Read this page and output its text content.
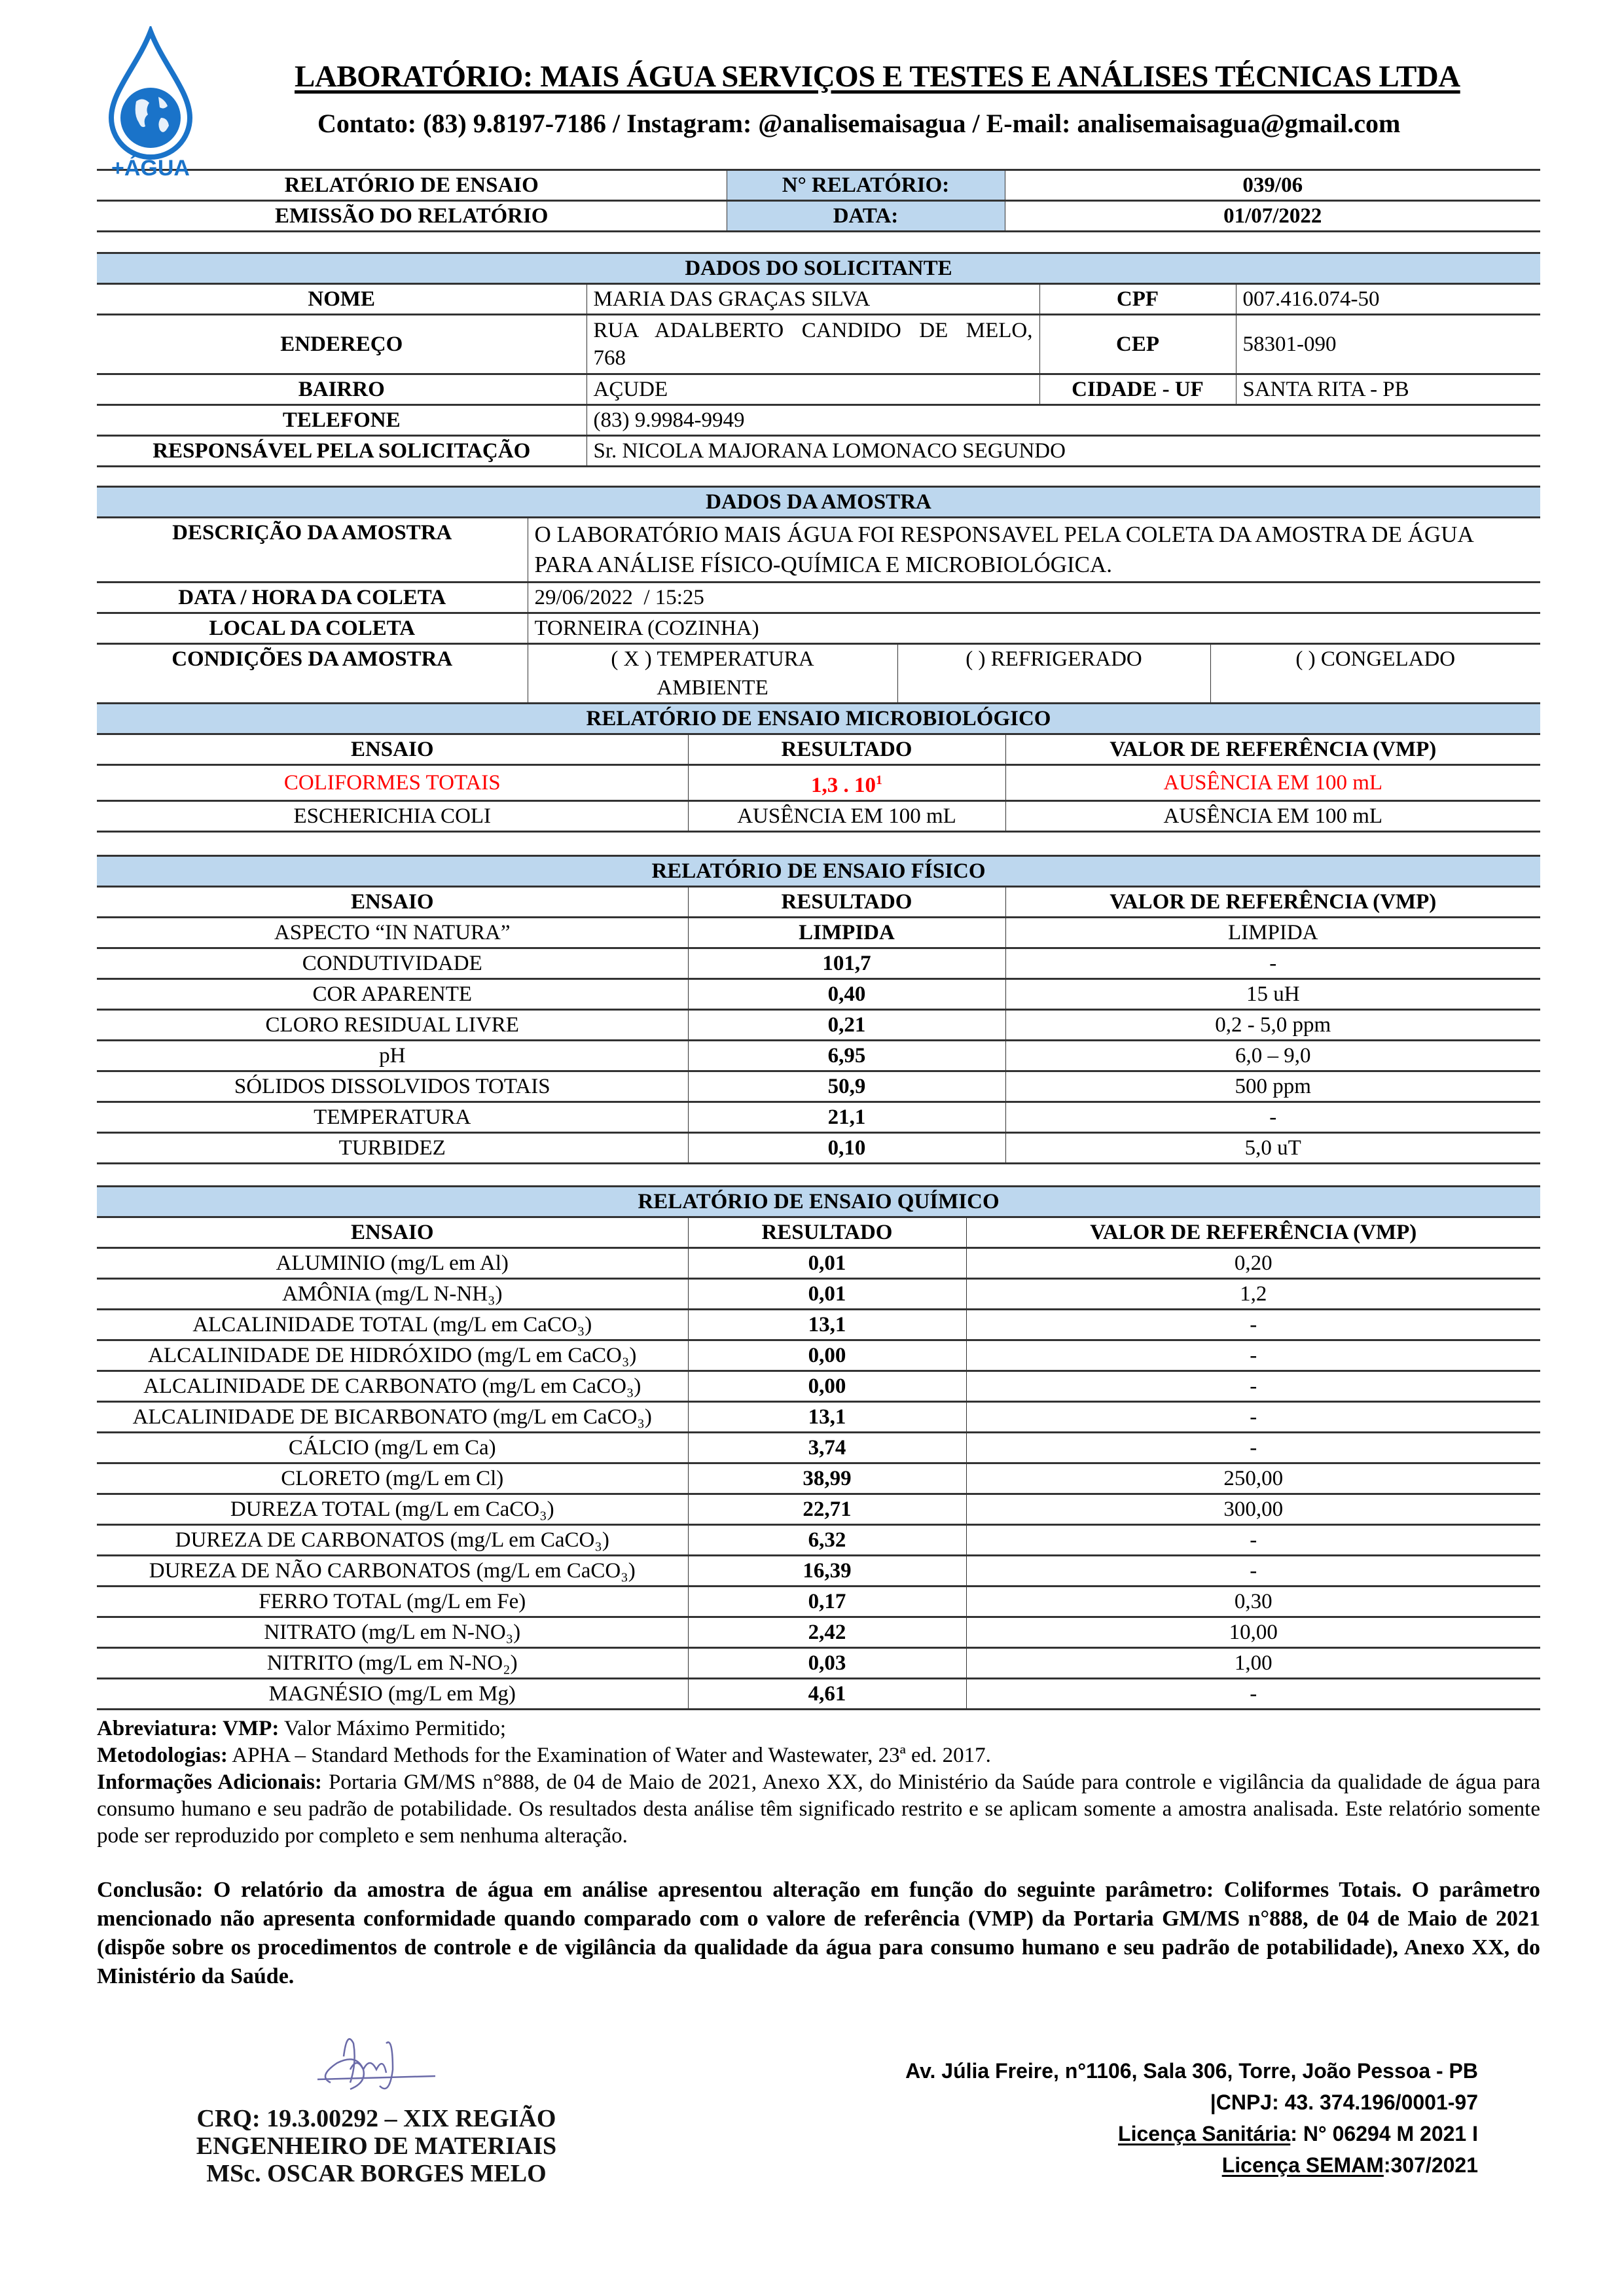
+ÁGUA
LABORATÓRIO: MAIS ÁGUA SERVIÇOS E TESTES E ANÁLISES TÉCNICAS LTDA
Contato: (83) 9.8197-7186 / Instagram: @analisemaisagua / E-mail: analisemaisagua@gmail.com
RELATÓRIO DE ENSAIO	N° RELATÓRIO:	039/06
EMISSÃO DO RELATÓRIO	DATA:	01/07/2022
DADOS DO SOLICITANTE			
NOME	MARIA DAS GRAÇAS SILVA	CPF	007.416.074-50
ENDEREÇO	RUA ADALBERTO CANDIDO DE MELO, 768	CEP	58301-090
BAIRRO	AÇUDE	CIDADE - UF	SANTA RITA - PB
TELEFONE	(83) 9.9984-9949		
RESPONSÁVEL PELA SOLICITAÇÃO	Sr. NICOLA MAJORANA LOMONACO SEGUNDO		
DADOS DA AMOSTRA			
DESCRIÇÃO DA AMOSTRA	O LABORATÓRIO MAIS ÁGUA FOI RESPONSAVEL PELA COLETA DA AMOSTRA DE ÁGUA PARA ANÁLISE FÍSICO-QUÍMICA E MICROBIOLÓGICA.		
DATA / HORA DA COLETA	29/06/2022  / 15:25		
LOCAL DA COLETA	TORNEIRA (COZINHA)		
CONDIÇÕES DA AMOSTRA	( X ) TEMPERATURA AMBIENTE	( ) REFRIGERADO	( ) CONGELADO
RELATÓRIO DE ENSAIO MICROBIOLÓGICO		
ENSAIO	RESULTADO	VALOR DE REFERÊNCIA (VMP)
COLIFORMES TOTAIS	1,3 . $10^1$	AUSÊNCIA EM 100 mL
ESCHERICHIA COLI	AUSÊNCIA EM 100 mL	AUSÊNCIA EM 100 mL
RELATÓRIO DE ENSAIO FÍSICO		
ENSAIO	RESULTADO	VALOR DE REFERÊNCIA (VMP)
ASPECTO “IN NATURA”	LIMPIDA	LIMPIDA
CONDUTIVIDADE	101,7	-
COR APARENTE	0,40	15 uH
CLORO RESIDUAL LIVRE	0,21	0,2 - 5,0 ppm
pH	6,95	6,0 – 9,0
SÓLIDOS DISSOLVIDOS TOTAIS	50,9	500 ppm
TEMPERATURA	21,1	-
TURBIDEZ	0,10	5,0 uT
RELATÓRIO DE ENSAIO QUÍMICO		
ENSAIO	RESULTADO	VALOR DE REFERÊNCIA (VMP)
ALUMINIO (mg/L em Al)	0,01	0,20
AMÔNIA (mg/L N-NH₃)	0,01	1,2
ALCALINIDADE TOTAL (mg/L em CaCO₃)	13,1	-
ALCALINIDADE DE HIDRÓXIDO (mg/L em CaCO₃)	0,00	-
ALCALINIDADE DE CARBONATO (mg/L em CaCO₃)	0,00	-
ALCALINIDADE DE BICARBONATO (mg/L em CaCO₃)	13,1	-
CÁLCIO (mg/L em Ca)	3,74	-
CLORETO (mg/L em Cl)	38,99	250,00
DUREZA TOTAL (mg/L em CaCO₃)	22,71	300,00
DUREZA DE CARBONATOS (mg/L em CaCO₃)	6,32	-
DUREZA DE NÃO CARBONATOS (mg/L em CaCO₃)	16,39	-
FERRO TOTAL (mg/L em Fe)	0,17	0,30
NITRATO (mg/L em N-NO₃)	2,42	10,00
NITRITO (mg/L em N-NO₂)	0,03	1,00
MAGNÉSIO (mg/L em Mg)	4,61	-

Abreviatura: VMP: Valor Máximo Permitido;

Metodologias: APHA – Standard Methods for the Examination of Water and Wastewater, 23ª ed. 2017.

Informações Adicionais: Portaria GM/MS n°888, de 04 de Maio de 2021, Anexo XX, do Ministério da Saúde para controle e vigilância da qualidade de água para consumo humano e seu padrão de potabilidade. Os resultados desta análise têm significado restrito e se aplicam somente a amostra analisada. Este relatório somente pode ser reproduzido por completo e sem nenhuma alteração.

Conclusão: O relatório da amostra de água em análise apresentou alteração em função do seguinte parâmetro: Coliformes Totais. O parâmetro mencionado não apresenta conformidade quando comparado com o valore de referência (VMP) da Portaria GM/MS n°888, de 04 de Maio de 2021 (dispõe sobre os procedimentos de controle e de vigilância da qualidade da água para consumo humano e seu padrão de potabilidade), Anexo XX, do Ministério da Saúde.
CRQ: 19.3.00292 – XIX REGIÃO
ENGENHEIRO DE MATERIAIS
MSc. OSCAR BORGES MELO
Av. Júlia Freire, n°1106, Sala 306, Torre, João Pessoa - PB
|CNPJ: 43. 374.196/0001-97
Licença Sanitária: N° 06294 M 2021 I
Licença SEMAM:307/2021
